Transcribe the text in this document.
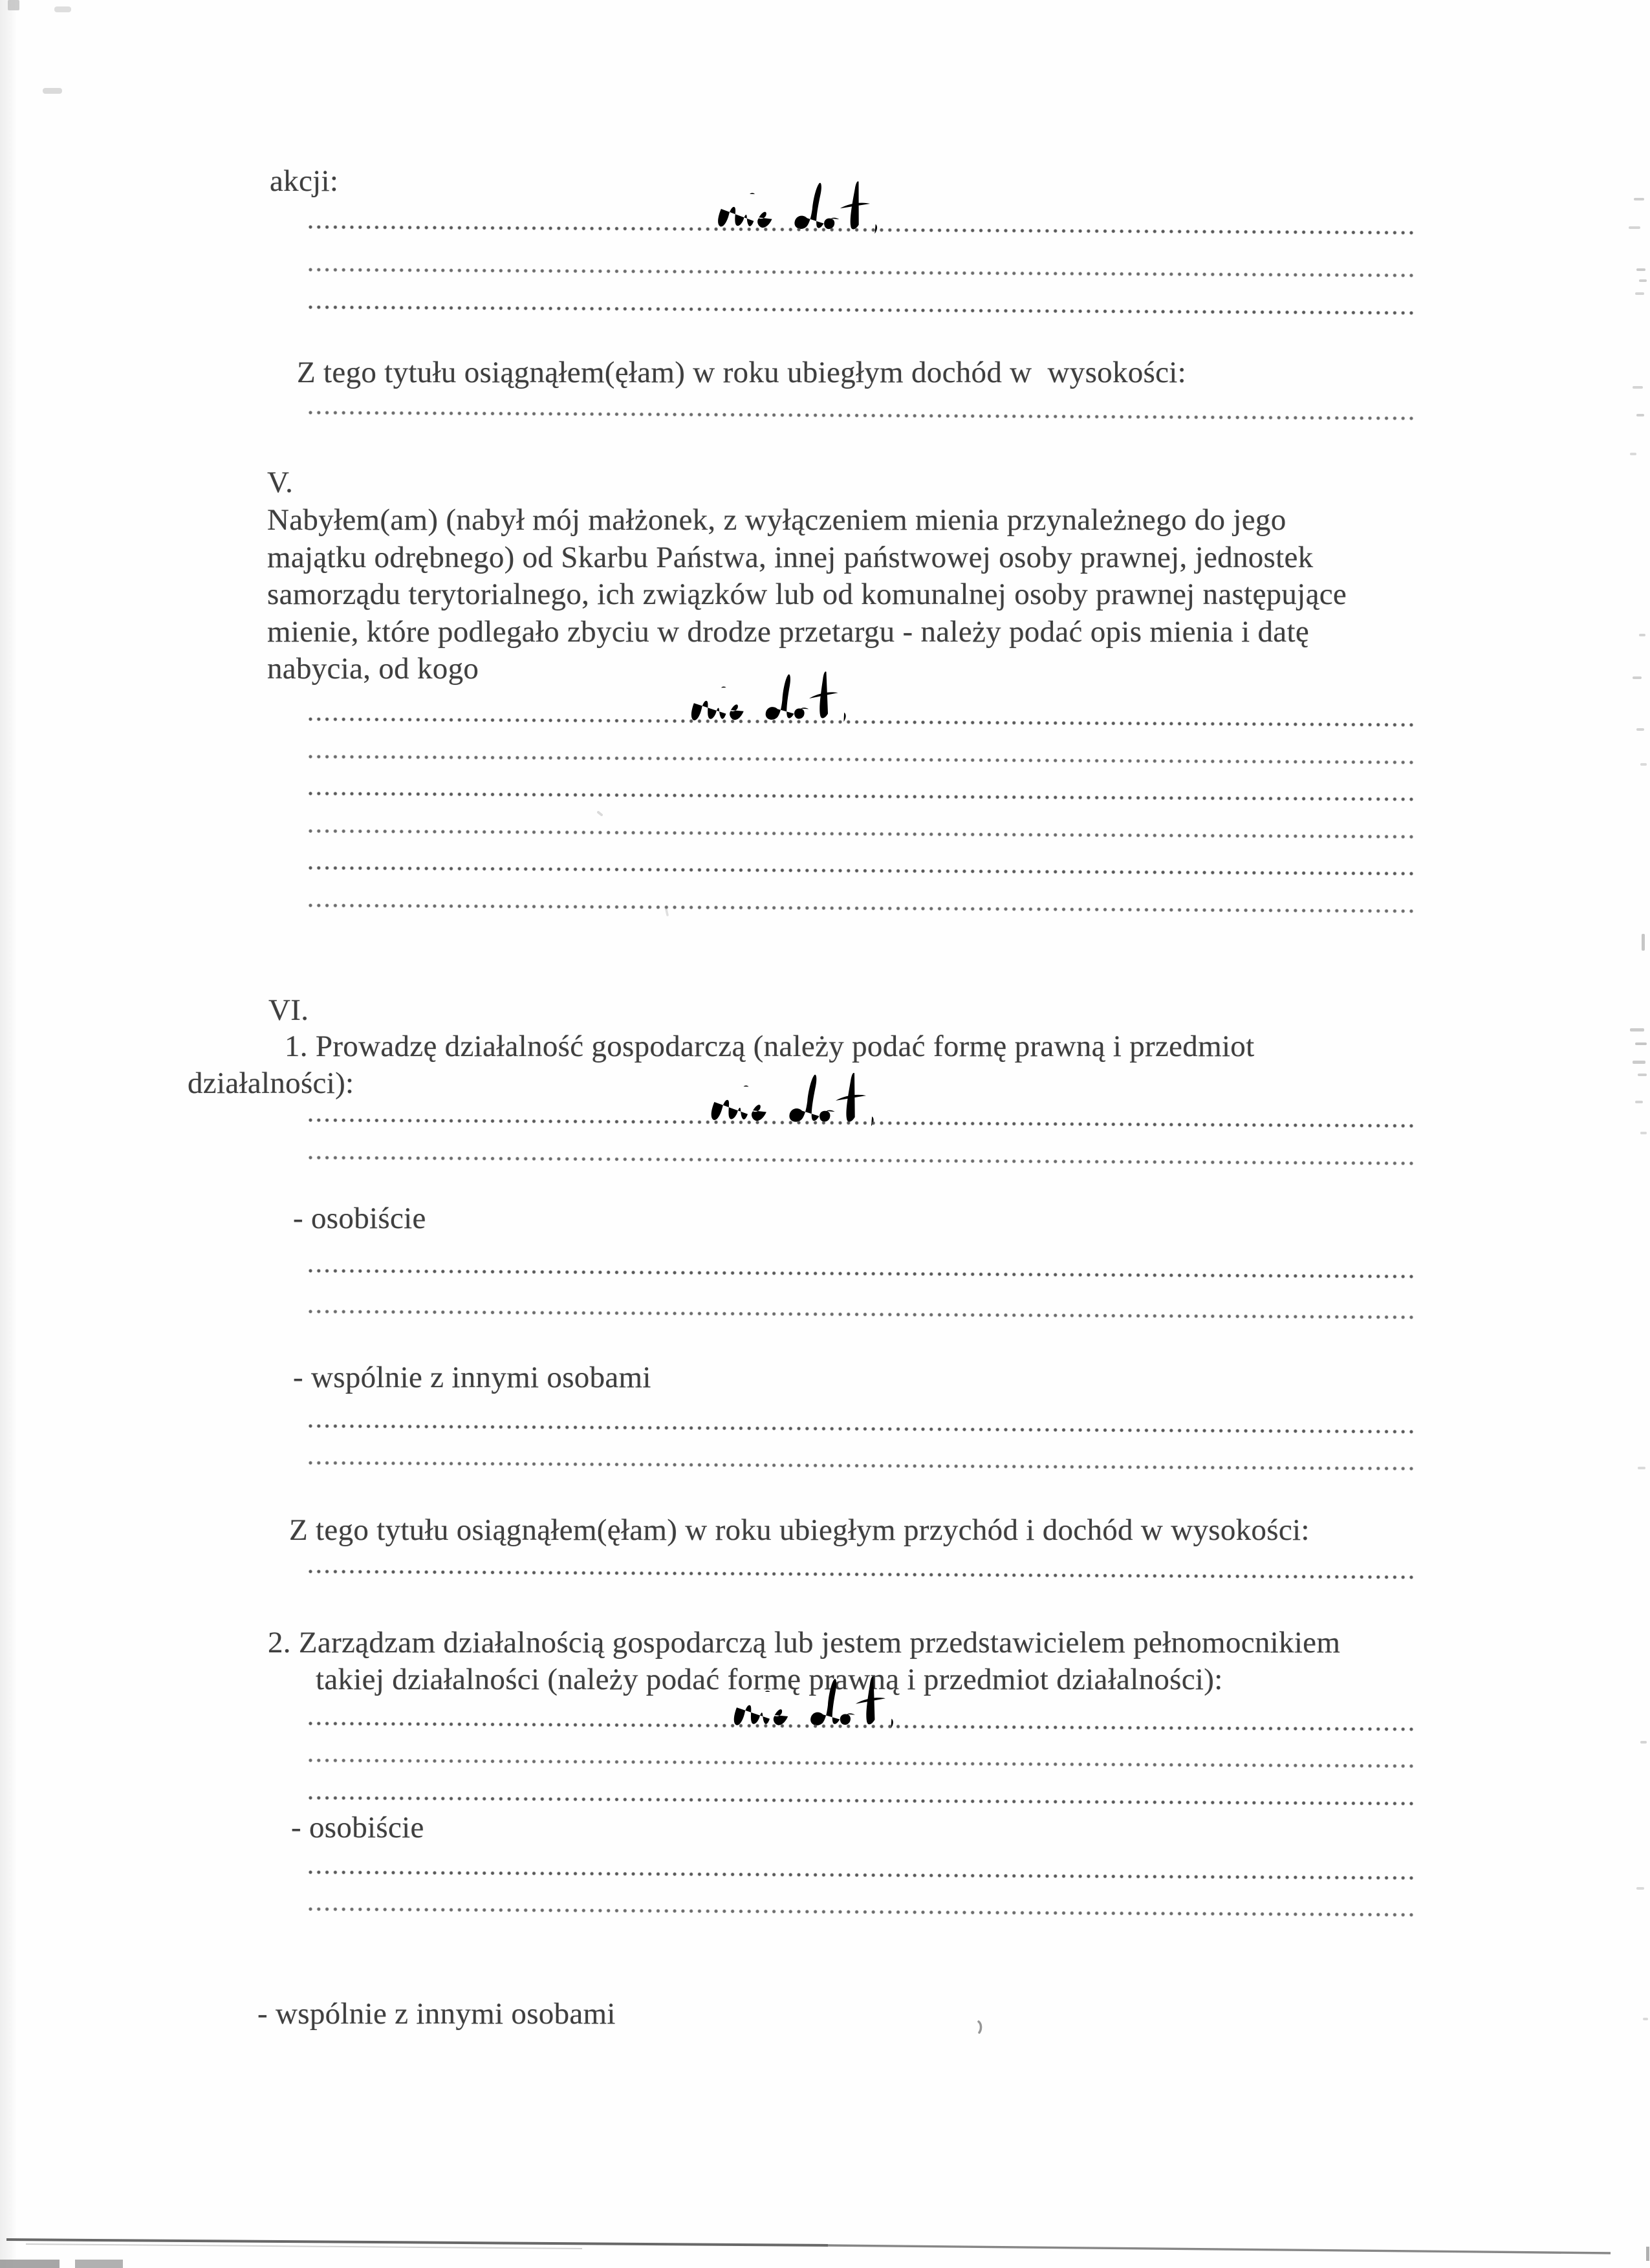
akcji:
Z tego tytułu osiągnąłem(ęłam) w roku ubiegłym dochód w  wysokości:
V.
Nabyłem(am) (nabył mój małżonek, z wyłączeniem mienia przynależnego do jego
majątku odrębnego) od Skarbu Państwa, innej państwowej osoby prawnej, jednostek
samorządu terytorialnego, ich związków lub od komunalnej osoby prawnej następujące
mienie, które podlegało zbyciu w drodze przetargu - należy podać opis mienia i datę
nabycia, od kogo
VI.
1. Prowadzę działalność gospodarczą (należy podać formę prawną i przedmiot
działalności):
- osobiście
- wspólnie z innymi osobami
Z tego tytułu osiągnąłem(ęłam) w roku ubiegłym przychód i dochód w wysokości:
2. Zarządzam działalnością gospodarczą lub jestem przedstawicielem pełnomocnikiem
takiej działalności (należy podać formę prawną i przedmiot działalności):
- osobiście
- wspólnie z innymi osobami
